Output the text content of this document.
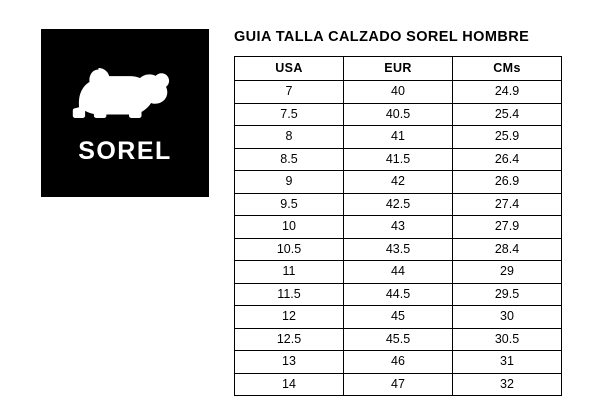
SOREL
GUIA TALLA CALZADO SOREL HOMBRE
USA	EUR	CMs
7	40	24.9
7.5	40.5	25.4
8	41	25.9
8.5	41.5	26.4
9	42	26.9
9.5	42.5	27.4
10	43	27.9
10.5	43.5	28.4
11	44	29
11.5	44.5	29.5
12	45	30
12.5	45.5	30.5
13	46	31
14	47	32
